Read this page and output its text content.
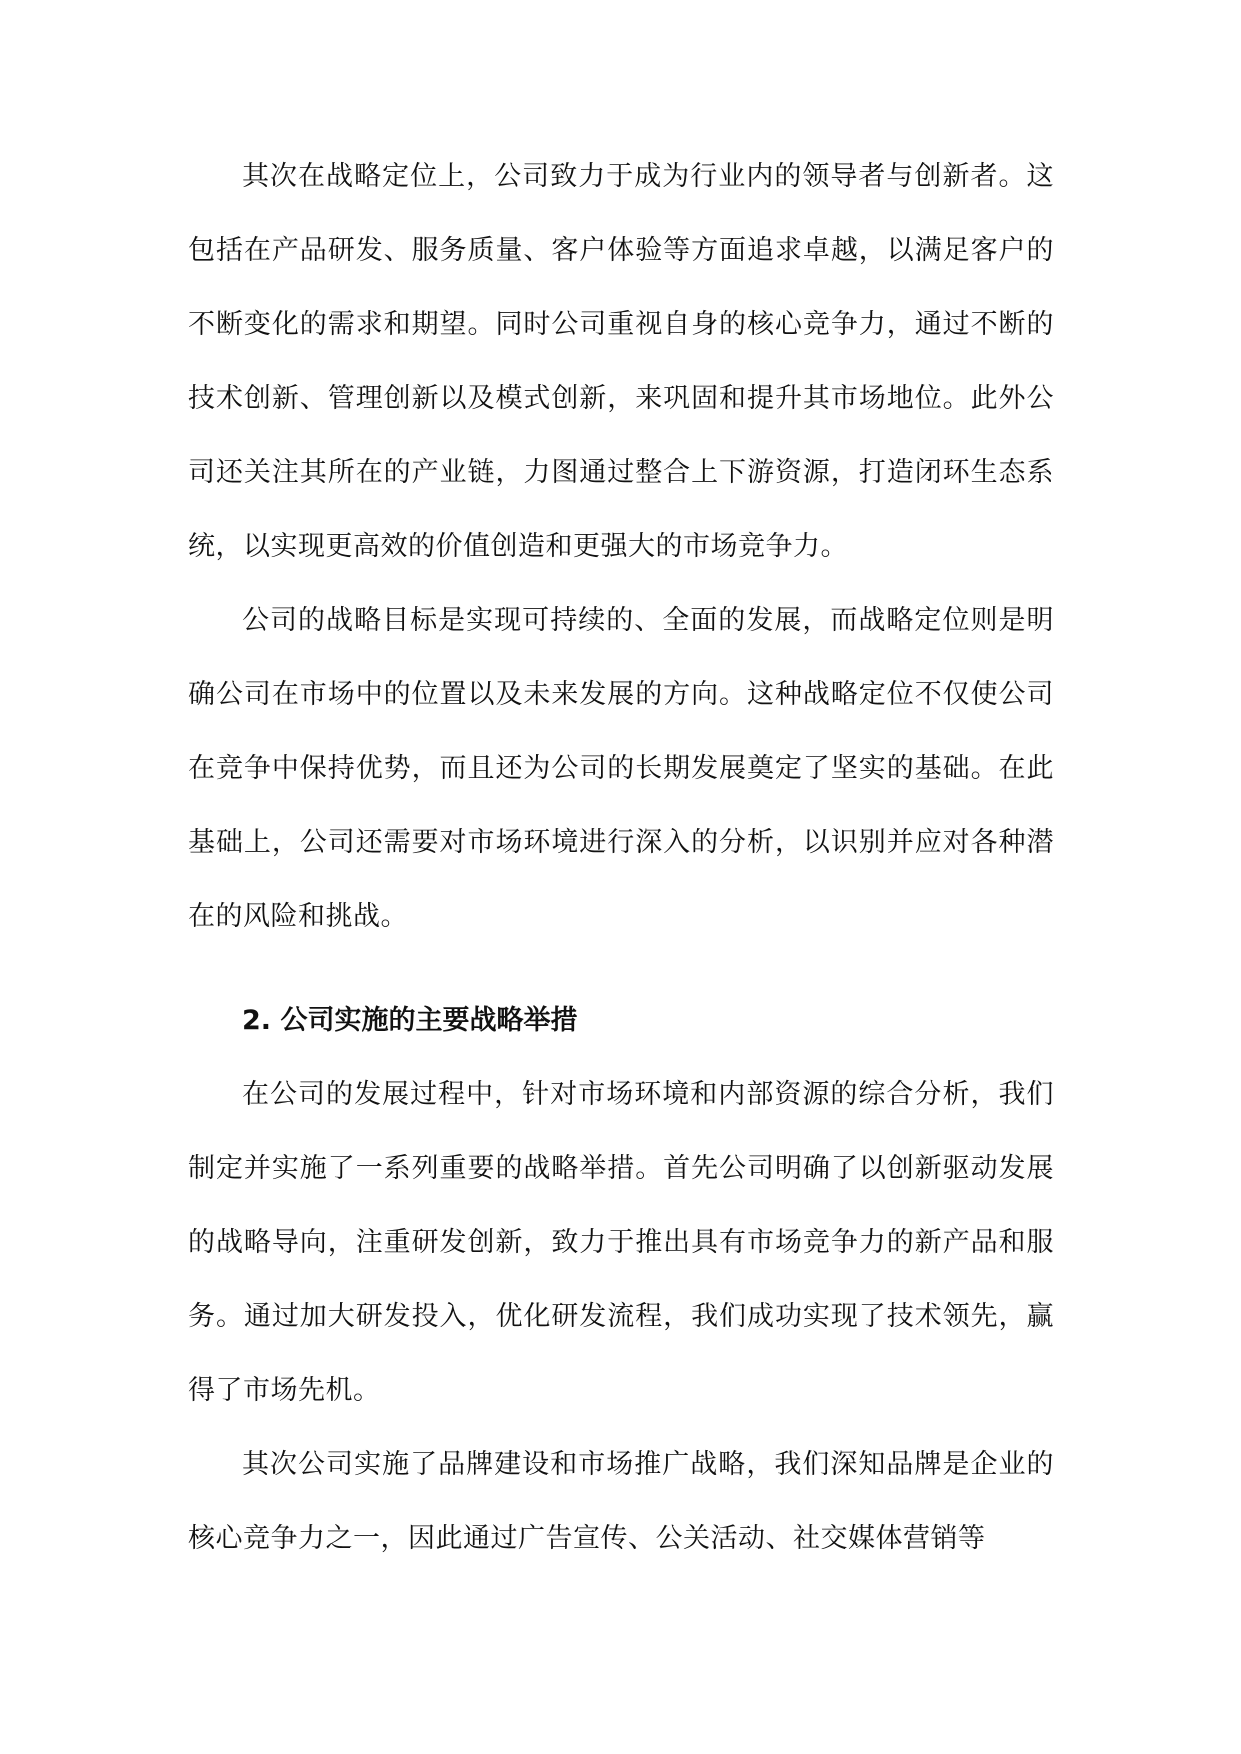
其次在战略定位上，公司致力于成为行业内的领导者与创新者。这包括在产品研发、服务质量、客户体验等方面追求卓越，以满足客户的不断变化的需求和期望。同时公司重视自身的核心竞争力，通过不断的技术创新、管理创新以及模式创新，来巩固和提升其市场地位。此外公司还关注其所在的产业链，力图通过整合上下游资源，打造闭环生态系统，以实现更高效的价值创造和更强大的市场竞争力。

公司的战略目标是实现可持续的、全面的发展，而战略定位则是明确公司在市场中的位置以及未来发展的方向。这种战略定位不仅使公司在竞争中保持优势，而且还为公司的长期发展奠定了坚实的基础。在此基础上，公司还需要对市场环境进行深入的分析，以识别并应对各种潜在的风险和挑战。

2. 公司实施的主要战略举措

在公司的发展过程中，针对市场环境和内部资源的综合分析，我们制定并实施了一系列重要的战略举措。首先公司明确了以创新驱动发展的战略导向，注重研发创新，致力于推出具有市场竞争力的新产品和服务。通过加大研发投入，优化研发流程，我们成功实现了技术领先，赢得了市场先机。

其次公司实施了品牌建设和市场推广战略，我们深知品牌是企业的核心竞争力之一，因此通过广告宣传、公关活动、社交媒体营销等
